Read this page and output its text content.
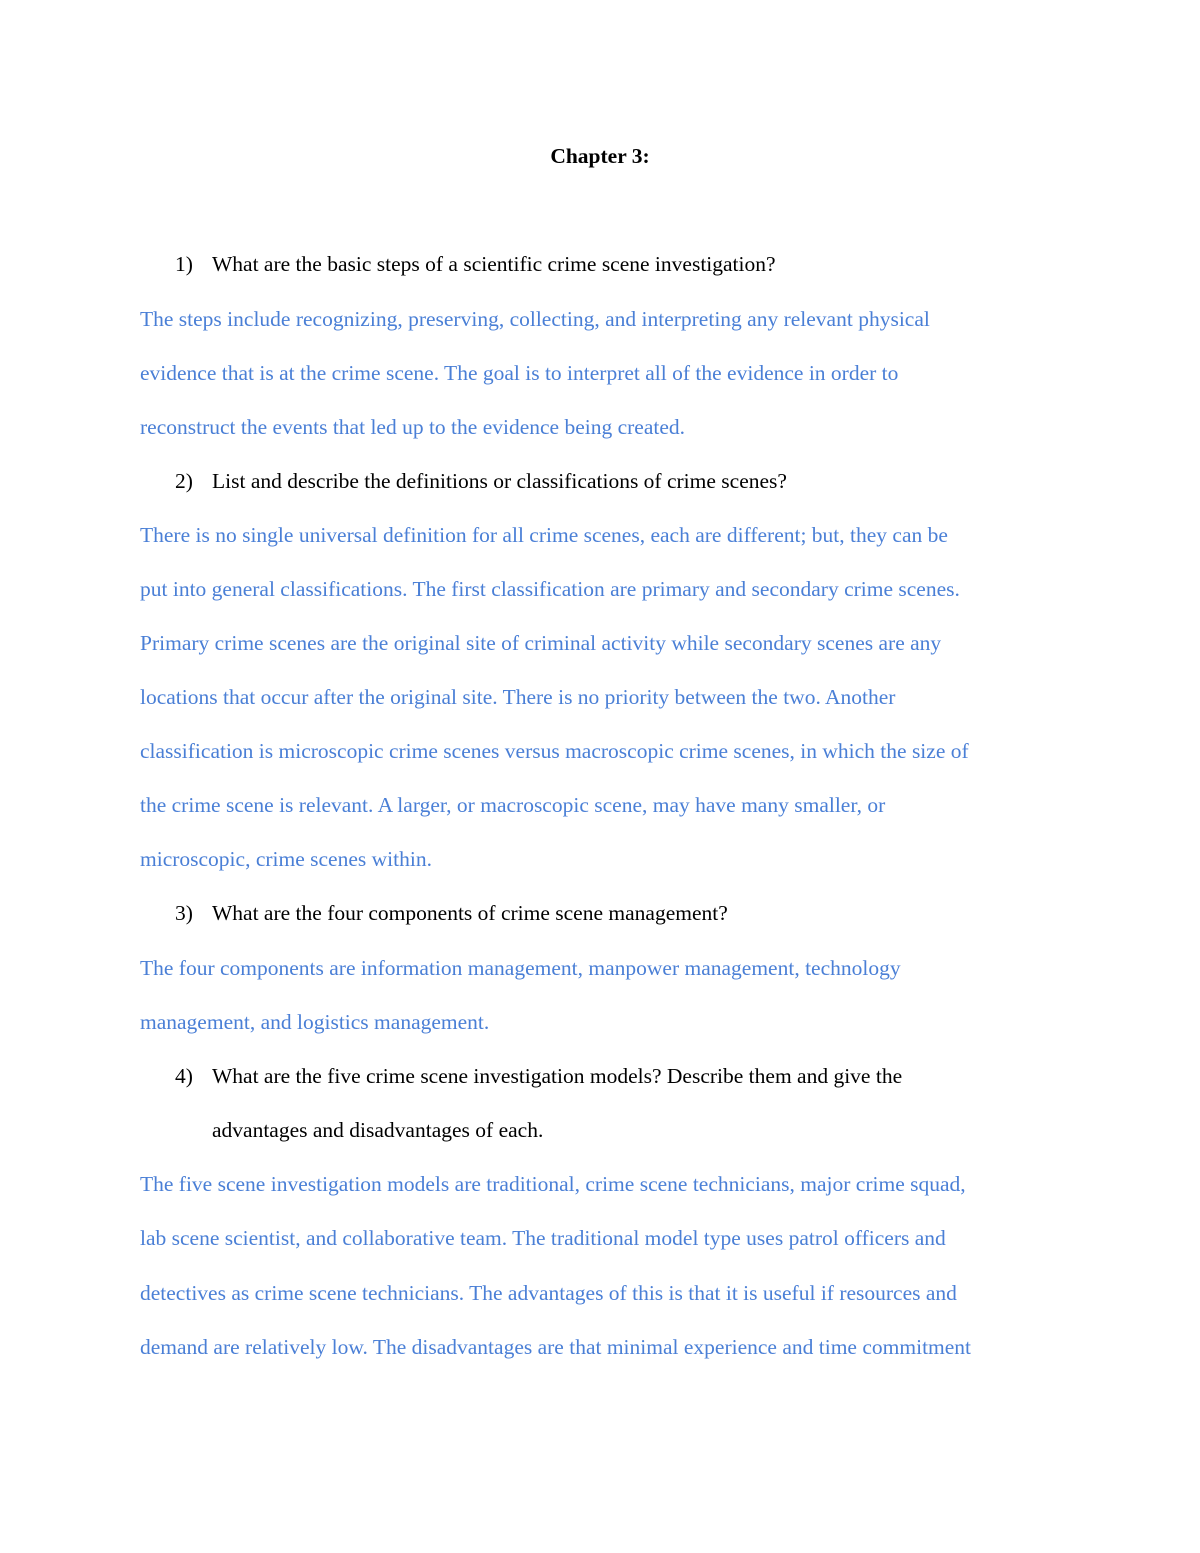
Chapter 3:
1) What are the basic steps of a scientific crime scene investigation?
The steps include recognizing, preserving, collecting, and interpreting any relevant physical
evidence that is at the crime scene. The goal is to interpret all of the evidence in order to
reconstruct the events that led up to the evidence being created.
2) List and describe the definitions or classifications of crime scenes?
There is no single universal definition for all crime scenes, each are different; but, they can be
put into general classifications. The first classification are primary and secondary crime scenes.
Primary crime scenes are the original site of criminal activity while secondary scenes are any
locations that occur after the original site. There is no priority between the two. Another
classification is microscopic crime scenes versus macroscopic crime scenes, in which the size of
the crime scene is relevant. A larger, or macroscopic scene, may have many smaller, or
microscopic, crime scenes within.
3) What are the four components of crime scene management?
The four components are information management, manpower management, technology
management, and logistics management.
4) What are the five crime scene investigation models? Describe them and give the
advantages and disadvantages of each.
The five scene investigation models are traditional, crime scene technicians, major crime squad,
lab scene scientist, and collaborative team. The traditional model type uses patrol officers and
detectives as crime scene technicians. The advantages of this is that it is useful if resources and
demand are relatively low. The disadvantages are that minimal experience and time commitment
